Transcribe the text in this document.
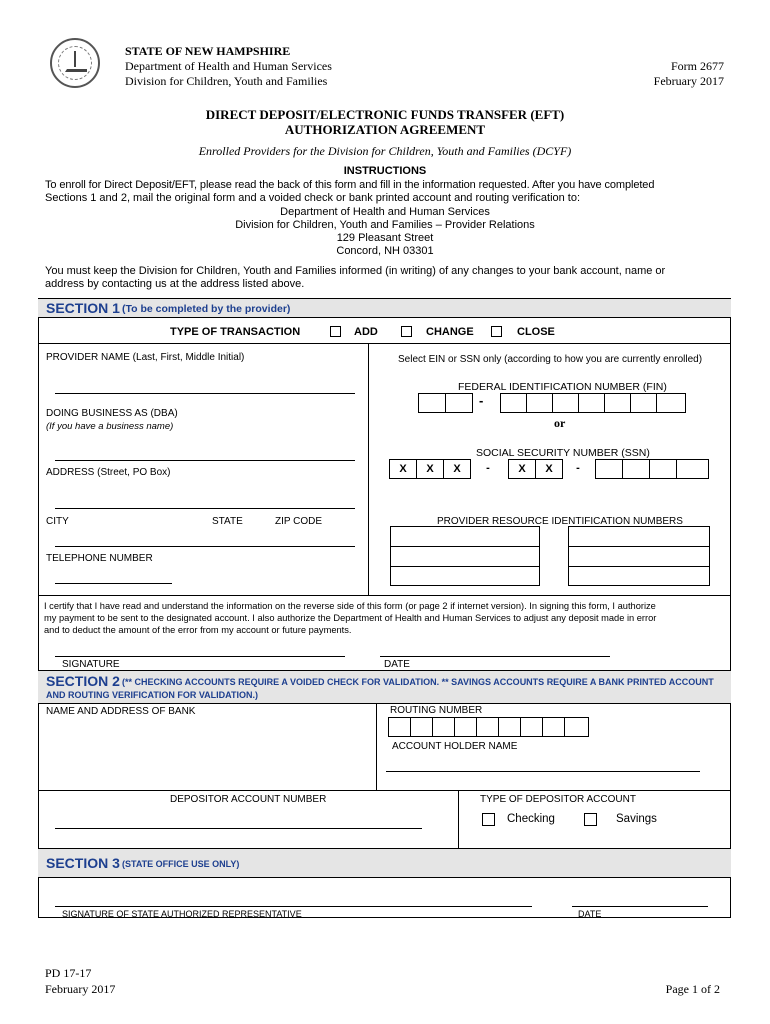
STATE OF NEW HAMPSHIRE
Department of Health and Human Services
Division for Children, Youth and Families
Form 2677
February 2017
DIRECT DEPOSIT/ELECTRONIC FUNDS TRANSFER (EFT)
AUTHORIZATION AGREEMENT
Enrolled Providers for the Division for Children, Youth and Families (DCYF)
INSTRUCTIONS
To enroll for Direct Deposit/EFT, please read the back of this form and fill in the information requested. After you have completed
Sections 1 and 2, mail the original form and a voided check or bank printed account and routing verification to:
Department of Health and Human Services
Division for Children, Youth and Families – Provider Relations
129 Pleasant Street
Concord, NH 03301
You must keep the Division for Children, Youth and Families informed (in writing) of any changes to your bank account, name or
address by contacting us at the address listed above.
SECTION 1 (To be completed by the provider)
TYPE OF TRANSACTION	ADD	CHANGE	CLOSE
PROVIDER NAME (Last, First, Middle Initial)
DOING BUSINESS AS (DBA)
(If you have a business name)
ADDRESS (Street, PO Box)
CITY	STATE	ZIP CODE
TELEPHONE NUMBER
Select EIN or SSN only (according to how you are currently enrolled)
FEDERAL IDENTIFICATION NUMBER (FIN)
-
or
SOCIAL SECURITY NUMBER (SSN)
X	X	X	-	X	X	-
PROVIDER RESOURCE IDENTIFICATION NUMBERS
I certify that I have read and understand the information on the reverse side of this form (or page 2 if internet version). In signing this form, I authorize
my payment to be sent to the designated account. I also authorize the Department of Health and Human Services to adjust any deposit made in error
and to deduct the amount of the error from my account or future payments.
SIGNATURE	DATE
SECTION 2 (** CHECKING ACCOUNTS REQUIRE A VOIDED CHECK FOR VALIDATION. ** SAVINGS ACCOUNTS REQUIRE A BANK PRINTED ACCOUNT
AND ROUTING VERIFICATION FOR VALIDATION.)
NAME AND ADDRESS OF BANK	ROUTING NUMBER
ACCOUNT HOLDER NAME
DEPOSITOR ACCOUNT NUMBER	TYPE OF DEPOSITOR ACCOUNT
Checking	Savings
SECTION 3 (STATE OFFICE USE ONLY)
SIGNATURE OF STATE AUTHORIZED REPRESENTATIVE	DATE
PD 17-17
February 2017	Page 1 of 2
